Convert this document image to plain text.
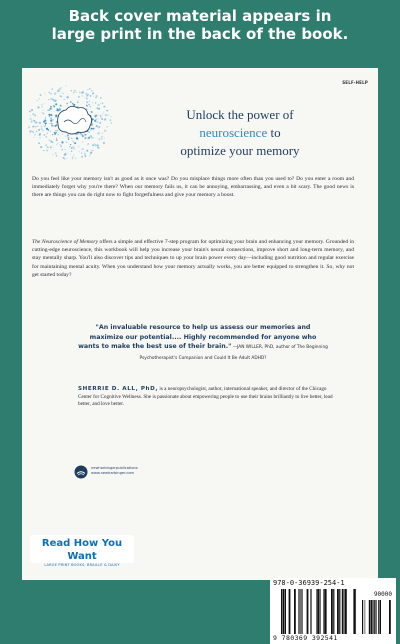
Back cover material appears in
large print in the back of the book.
SELF-HELP
Unlock the power of
neuroscience to
optimize your memory
Do you feel like your memory isn't as good as it once was? Do you misplace things more often than you used to? Do you enter a room and immediately forget why you're there? When our memory fails us, it can be annoying, embarrassing, and even a bit scary. The good news is there are things you can do right now to fight forgetfulness and give your memory a boost.
The Neuroscience of Memory offers a simple and effective 7-step program for optimizing your brain and enhancing your memory. Grounded in cutting-edge neuroscience, this workbook will help you increase your brain's neural connections, improve short and long-term memory, and stay mentally sharp. You'll also discover tips and techniques to up your brain power every day—including good nutrition and regular exercise for maintaining mental acuity. When you understand how your memory actually works, you are better equipped to strengthen it. So, why not get started today?
"An invaluable resource to help us assess our memories and maximize our potential.... Highly recommended for anyone who wants to make the best use of their brain." —JAN WILLER, PhD, author of The Beginning Psychotherapist's Companion and Could It Be Adult ADHD?
SHERRIE D. ALL, PhD, is a neuropsychologist, author, international speaker, and director of the Chicago Center for Cognitive Wellness. She is passionate about empowering people to use their brains brilliantly to live better, lead better, and love better.
newharbingerpublications
www.newharbinger.com
978-0-36939-254-1
90000
9 780369 392541
Read How You Want
LARGE PRINT BOOKS, BRAILLE & DAISY
